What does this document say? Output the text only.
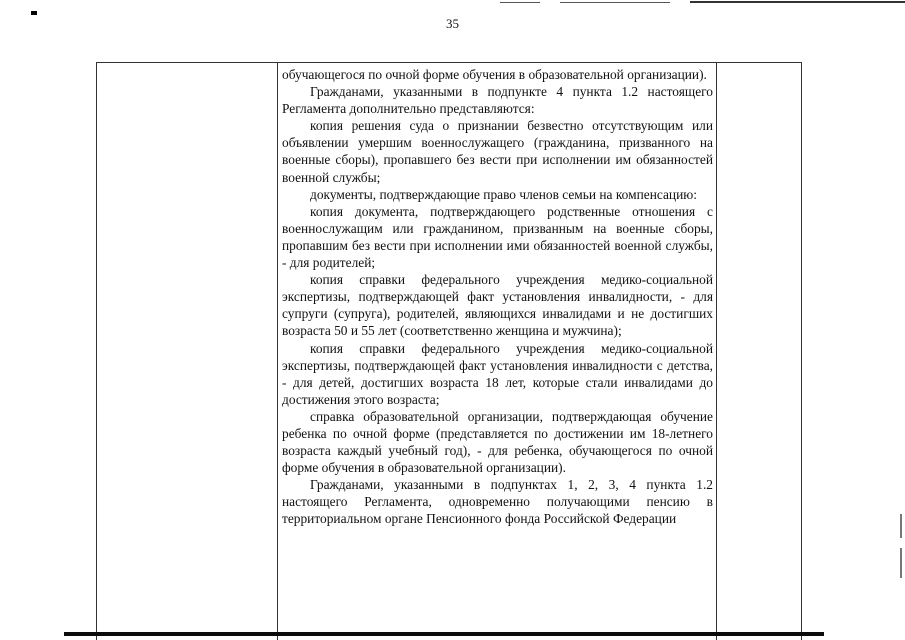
35

обучающегося по очной форме обучения в образовательной организации).

Гражданами, указанными в подпункте 4 пункта 1.2 настоящего Регламента дополнительно представляются:

копия решения суда о признании безвестно отсутствующим или объявлении умершим военнослужащего (гражданина, призванного на военные сборы), пропавшего без вести при исполнении им обязанностей военной службы;

документы, подтверждающие право членов семьи на компенсацию:

копия документа, подтверждающего родственные отношения с военнослужащим или гражданином, призванным на военные сборы, пропавшим без вести при исполнении ими обязанностей военной службы, - для родителей;

копия справки федерального учреждения медико-социальной экспертизы, подтверждающей факт установления инвалидности, - для супруги (супруга), родителей, являющихся инвалидами и не достигших возраста 50 и 55 лет (соответственно женщина и мужчина);

копия справки федерального учреждения медико-социальной экспертизы, подтверждающей факт установления инвалидности с детства, - для детей, достигших возраста 18 лет, которые стали инвалидами до достижения этого возраста;

справка образовательной организации, подтверждающая обучение ребенка по очной форме (представляется по достижении им 18-летнего возраста каждый учебный год), - для ребенка, обучающегося по очной форме обучения в образовательной организации).

Гражданами, указанными в подпунктах 1, 2, 3, 4 пункта 1.2 настоящего Регламента, одновременно получающими пенсию в территориальном органе Пенсионного фонда Российской Федерации
